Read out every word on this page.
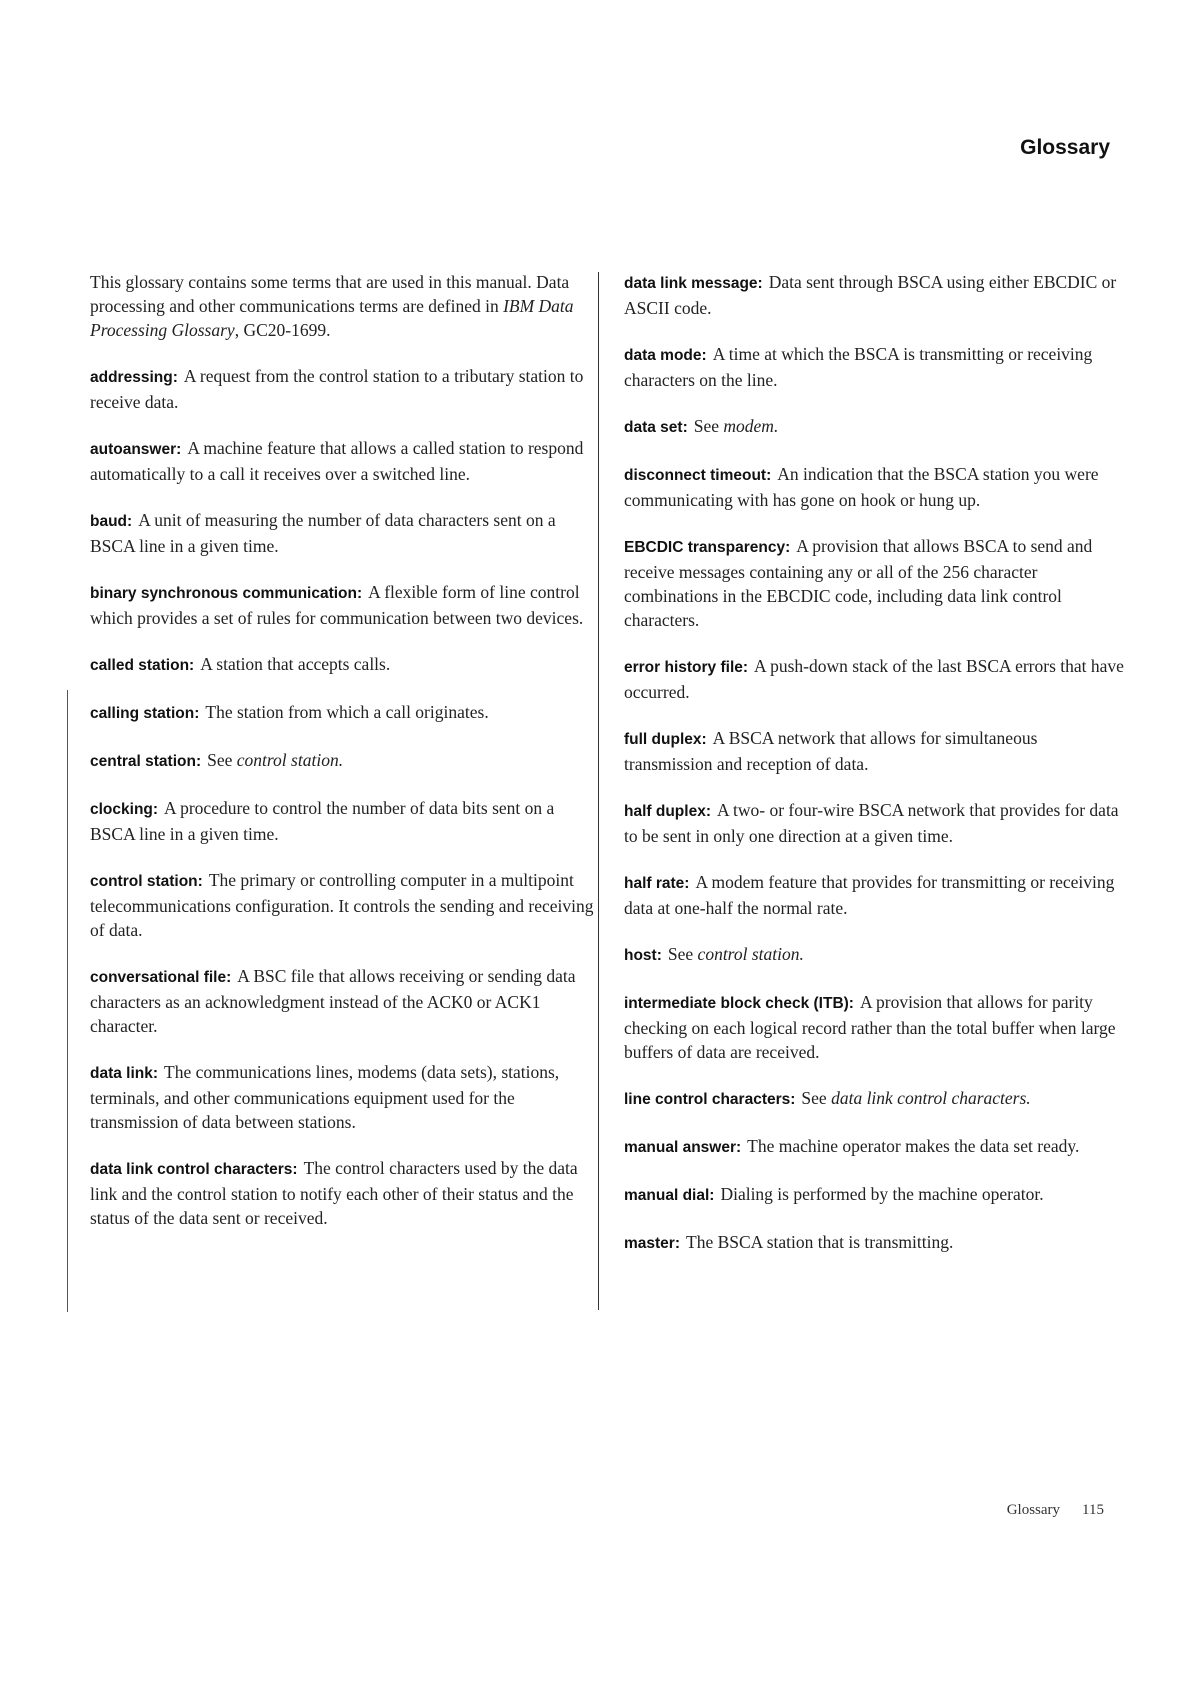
Glossary

This glossary contains some terms that are used in this manual. Data processing and other communications terms are defined in IBM Data Processing Glossary, GC20-1699.

addressing: A request from the control station to a tributary station to receive data.

autoanswer: A machine feature that allows a called station to respond automatically to a call it receives over a switched line.

baud: A unit of measuring the number of data characters sent on a BSCA line in a given time.

binary synchronous communication: A flexible form of line control which provides a set of rules for communication between two devices.

called station: A station that accepts calls.

calling station: The station from which a call originates.

central station: See control station.

clocking: A procedure to control the number of data bits sent on a BSCA line in a given time.

control station: The primary or controlling computer in a multipoint telecommunications configuration. It controls the sending and receiving of data.

conversational file: A BSC file that allows receiving or sending data characters as an acknowledgment instead of the ACK0 or ACK1 character.

data link: The communications lines, modems (data sets), stations, terminals, and other communications equipment used for the transmission of data between stations.

data link control characters: The control characters used by the data link and the control station to notify each other of their status and the status of the data sent or received.

data link message: Data sent through BSCA using either EBCDIC or ASCII code.

data mode: A time at which the BSCA is transmitting or receiving characters on the line.

data set: See modem.

disconnect timeout: An indication that the BSCA station you were communicating with has gone on hook or hung up.

EBCDIC transparency: A provision that allows BSCA to send and receive messages containing any or all of the 256 character combinations in the EBCDIC code, including data link control characters.

error history file: A push-down stack of the last BSCA errors that have occurred.

full duplex: A BSCA network that allows for simultaneous transmission and reception of data.

half duplex: A two- or four-wire BSCA network that provides for data to be sent in only one direction at a given time.

half rate: A modem feature that provides for transmitting or receiving data at one-half the normal rate.

host: See control station.

intermediate block check (ITB): A provision that allows for parity checking on each logical record rather than the total buffer when large buffers of data are received.

line control characters: See data link control characters.

manual answer: The machine operator makes the data set ready.

manual dial: Dialing is performed by the machine operator.

master: The BSCA station that is transmitting.

Glossary 115
